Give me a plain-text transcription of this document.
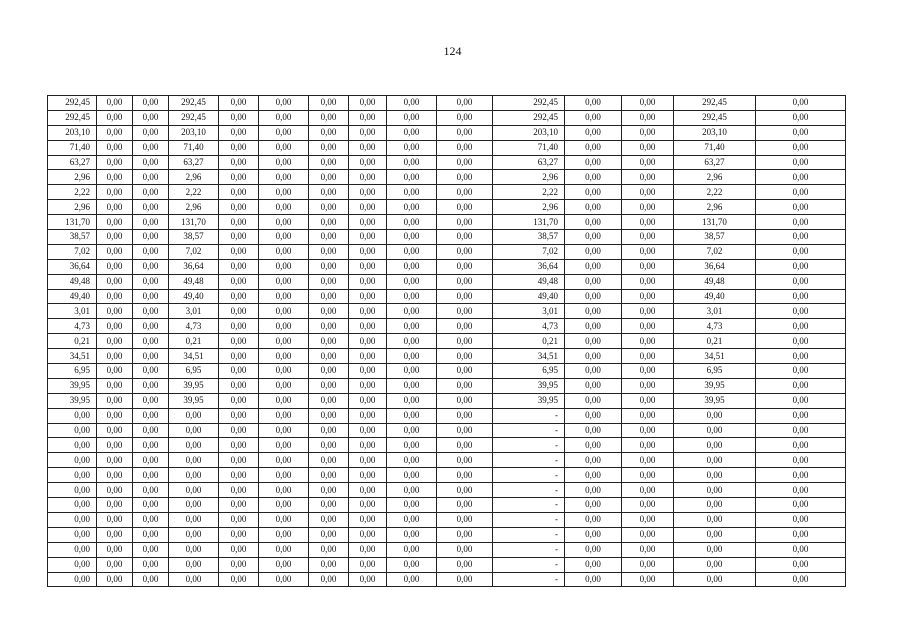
124
292,45	0,00	0,00	292,45	0,00	0,00	0,00	0,00	0,00	0,00	292,45	0,00	0,00	292,45	0,00
292,45	0,00	0,00	292,45	0,00	0,00	0,00	0,00	0,00	0,00	292,45	0,00	0,00	292,45	0,00
203,10	0,00	0,00	203,10	0,00	0,00	0,00	0,00	0,00	0,00	203,10	0,00	0,00	203,10	0,00
71,40	0,00	0,00	71,40	0,00	0,00	0,00	0,00	0,00	0,00	71,40	0,00	0,00	71,40	0,00
63,27	0,00	0,00	63,27	0,00	0,00	0,00	0,00	0,00	0,00	63,27	0,00	0,00	63,27	0,00
2,96	0,00	0,00	2,96	0,00	0,00	0,00	0,00	0,00	0,00	2,96	0,00	0,00	2,96	0,00
2,22	0,00	0,00	2,22	0,00	0,00	0,00	0,00	0,00	0,00	2,22	0,00	0,00	2,22	0,00
2,96	0,00	0,00	2,96	0,00	0,00	0,00	0,00	0,00	0,00	2,96	0,00	0,00	2,96	0,00
131,70	0,00	0,00	131,70	0,00	0,00	0,00	0,00	0,00	0,00	131,70	0,00	0,00	131,70	0,00
38,57	0,00	0,00	38,57	0,00	0,00	0,00	0,00	0,00	0,00	38,57	0,00	0,00	38,57	0,00
7,02	0,00	0,00	7,02	0,00	0,00	0,00	0,00	0,00	0,00	7,02	0,00	0,00	7,02	0,00
36,64	0,00	0,00	36,64	0,00	0,00	0,00	0,00	0,00	0,00	36,64	0,00	0,00	36,64	0,00
49,48	0,00	0,00	49,48	0,00	0,00	0,00	0,00	0,00	0,00	49,48	0,00	0,00	49,48	0,00
49,40	0,00	0,00	49,40	0,00	0,00	0,00	0,00	0,00	0,00	49,40	0,00	0,00	49,40	0,00
3,01	0,00	0,00	3,01	0,00	0,00	0,00	0,00	0,00	0,00	3,01	0,00	0,00	3,01	0,00
4,73	0,00	0,00	4,73	0,00	0,00	0,00	0,00	0,00	0,00	4,73	0,00	0,00	4,73	0,00
0,21	0,00	0,00	0,21	0,00	0,00	0,00	0,00	0,00	0,00	0,21	0,00	0,00	0,21	0,00
34,51	0,00	0,00	34,51	0,00	0,00	0,00	0,00	0,00	0,00	34,51	0,00	0,00	34,51	0,00
6,95	0,00	0,00	6,95	0,00	0,00	0,00	0,00	0,00	0,00	6,95	0,00	0,00	6,95	0,00
39,95	0,00	0,00	39,95	0,00	0,00	0,00	0,00	0,00	0,00	39,95	0,00	0,00	39,95	0,00
39,95	0,00	0,00	39,95	0,00	0,00	0,00	0,00	0,00	0,00	39,95	0,00	0,00	39,95	0,00
0,00	0,00	0,00	0,00	0,00	0,00	0,00	0,00	0,00	0,00	-	0,00	0,00	0,00	0,00
0,00	0,00	0,00	0,00	0,00	0,00	0,00	0,00	0,00	0,00	-	0,00	0,00	0,00	0,00
0,00	0,00	0,00	0,00	0,00	0,00	0,00	0,00	0,00	0,00	-	0,00	0,00	0,00	0,00
0,00	0,00	0,00	0,00	0,00	0,00	0,00	0,00	0,00	0,00	-	0,00	0,00	0,00	0,00
0,00	0,00	0,00	0,00	0,00	0,00	0,00	0,00	0,00	0,00	-	0,00	0,00	0,00	0,00
0,00	0,00	0,00	0,00	0,00	0,00	0,00	0,00	0,00	0,00	-	0,00	0,00	0,00	0,00
0,00	0,00	0,00	0,00	0,00	0,00	0,00	0,00	0,00	0,00	-	0,00	0,00	0,00	0,00
0,00	0,00	0,00	0,00	0,00	0,00	0,00	0,00	0,00	0,00	-	0,00	0,00	0,00	0,00
0,00	0,00	0,00	0,00	0,00	0,00	0,00	0,00	0,00	0,00	-	0,00	0,00	0,00	0,00
0,00	0,00	0,00	0,00	0,00	0,00	0,00	0,00	0,00	0,00	-	0,00	0,00	0,00	0,00
0,00	0,00	0,00	0,00	0,00	0,00	0,00	0,00	0,00	0,00	-	0,00	0,00	0,00	0,00
0,00	0,00	0,00	0,00	0,00	0,00	0,00	0,00	0,00	0,00	-	0,00	0,00	0,00	0,00
